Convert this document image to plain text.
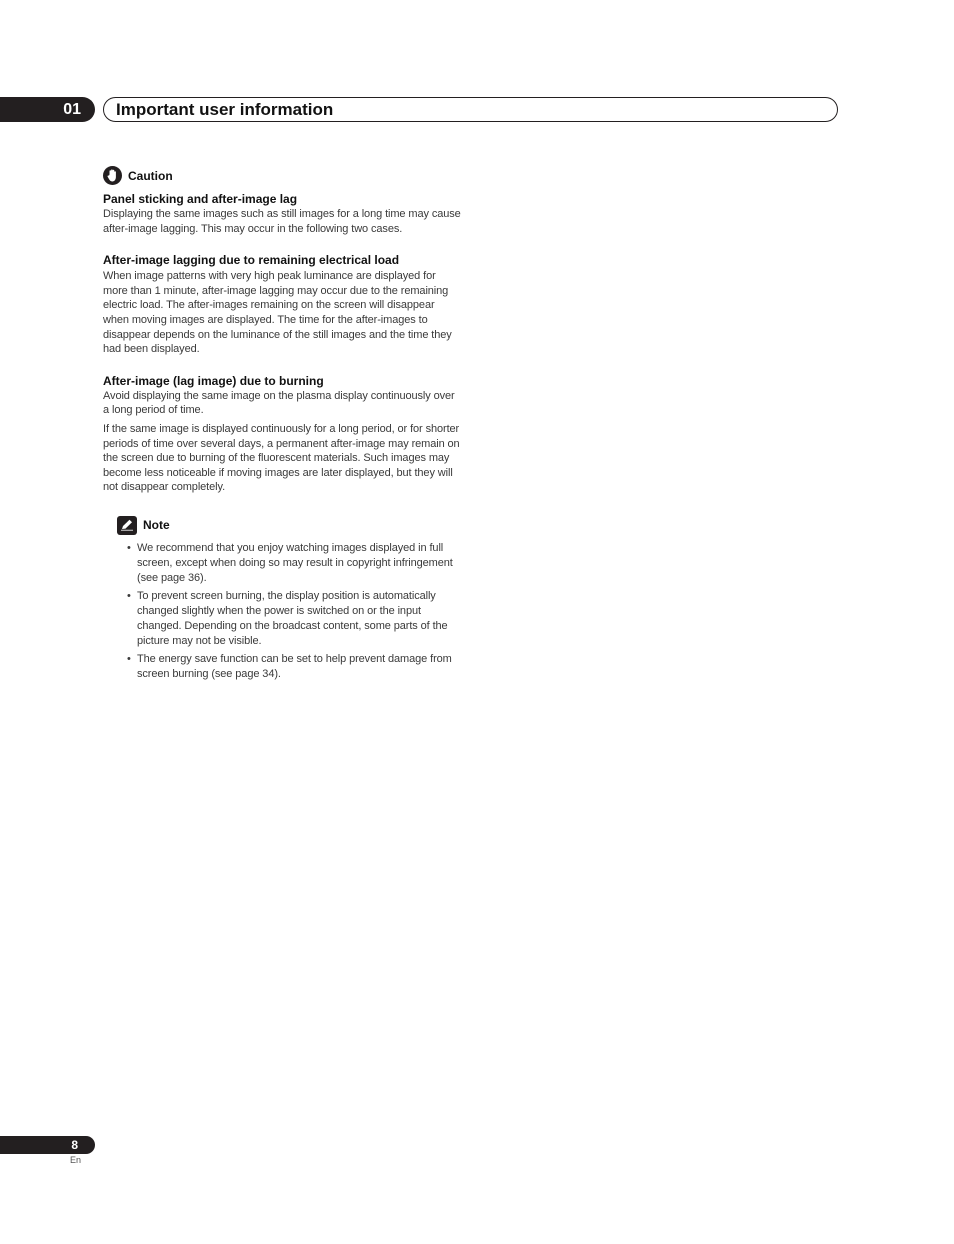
01	Important user information
Caution
Panel sticking and after-image lag

Displaying the same images such as still images for a long time may cause after-image lagging. This may occur in the following two cases.

After-image lagging due to remaining electrical load

When image patterns with very high peak luminance are displayed for more than 1 minute, after-image lagging may occur due to the remaining electric load. The after-images remaining on the screen will disappear when moving images are displayed. The time for the after-images to disappear depends on the luminance of the still images and the time they had been displayed.

After-image (lag image) due to burning

Avoid displaying the same image on the plasma display continuously over a long period of time.

If the same image is displayed continuously for a long period, or for shorter periods of time over several days, a permanent after-image may remain on the screen due to burning of the fluorescent materials. Such images may become less noticeable if moving images are later displayed, but they will not disappear completely.

Note
• We recommend that you enjoy watching images displayed in full screen, except when doing so may result in copyright infringement (see page 36).
• To prevent screen burning, the display position is automatically changed slightly when the power is switched on or the input changed. Depending on the broadcast content, some parts of the picture may not be visible.
• The energy save function can be set to help prevent damage from screen burning (see page 34).
8
En
